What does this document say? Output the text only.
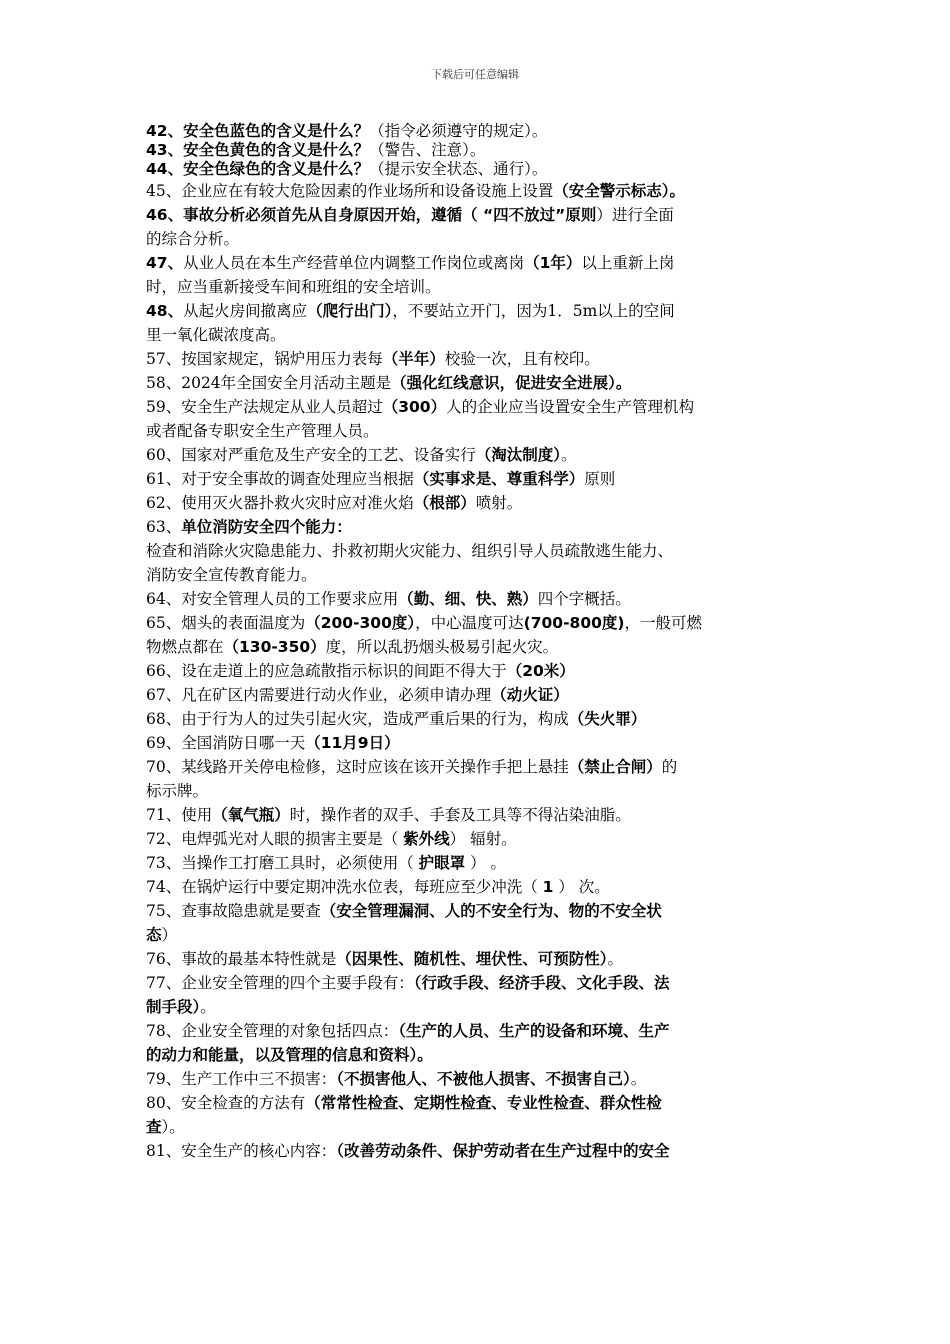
下载后可任意编辑
42、安全色蓝色的含义是什么？（指令必须遵守的规定）。
43、安全色黄色的含义是什么？（警告、注意）。
44、安全色绿色的含义是什么？（提示安全状态、通行）。
45、企业应在有较大危险因素的作业场所和设备设施上设置（安全警示标志）。
46、事故分析必须首先从自身原因开始，遵循（ “四不放过”原则）进行全面
的综合分析。
47、从业人员在本生产经营单位内调整工作岗位或离岗（1年）以上重新上岗
时，应当重新接受车间和班组的安全培训。
48、从起火房间撤离应（爬行出门），不要站立开门，因为1．5m以上的空间
里一氧化碳浓度高。
57、按国家规定，锅炉用压力表每（半年）校验一次，且有校印。
58、2024年全国安全月活动主题是（强化红线意识，促进安全进展）。
59、安全生产法规定从业人员超过（300）人的企业应当设置安全生产管理机构
或者配备专职安全生产管理人员。
60、国家对严重危及生产安全的工艺、设备实行（淘汰制度）。
61、对于安全事故的调查处理应当根据（实事求是、尊重科学）原则
62、使用灭火器扑救火灾时应对准火焰（根部）喷射。
63、单位消防安全四个能力：
检查和消除火灾隐患能力、扑救初期火灾能力、组织引导人员疏散逃生能力、
消防安全宣传教育能力。
64、对安全管理人员的工作要求应用（勤、细、快、熟）四个字概括。
65、烟头的表面温度为（200-300度），中心温度可达(700-800度)，一般可燃
物燃点都在（130-350）度，所以乱扔烟头极易引起火灾。
66、设在走道上的应急疏散指示标识的间距不得大于（20米）
67、凡在矿区内需要进行动火作业，必须申请办理（动火证）
68、由于行为人的过失引起火灾，造成严重后果的行为，构成（失火罪）
69、全国消防日哪一天（11月9日）
70、某线路开关停电检修，这时应该在该开关操作手把上悬挂（禁止合闸）的
标示牌。
71、使用（氧气瓶）时，操作者的双手、手套及工具等不得沾染油脂。
72、电焊弧光对人眼的损害主要是（ 紫外线） 辐射。
73、当操作工打磨工具时，必须使用（ 护眼罩 ） 。
74、在锅炉运行中要定期冲洗水位表，每班应至少冲洗（ 1 ） 次。
75、查事故隐患就是要查（安全管理漏洞、人的不安全行为、物的不安全状
态）
76、事故的最基本特性就是（因果性、随机性、埋伏性、可预防性）。
77、企业安全管理的四个主要手段有：（行政手段、经济手段、文化手段、法
制手段）。
78、企业安全管理的对象包括四点：（生产的人员、生产的设备和环境、生产
的动力和能量，以及管理的信息和资料）。
79、生产工作中三不损害：（不损害他人、不被他人损害、不损害自己）。
80、安全检查的方法有（常常性检查、定期性检查、专业性检查、群众性检
查）。
81、安全生产的核心内容：（改善劳动条件、保护劳动者在生产过程中的安全
